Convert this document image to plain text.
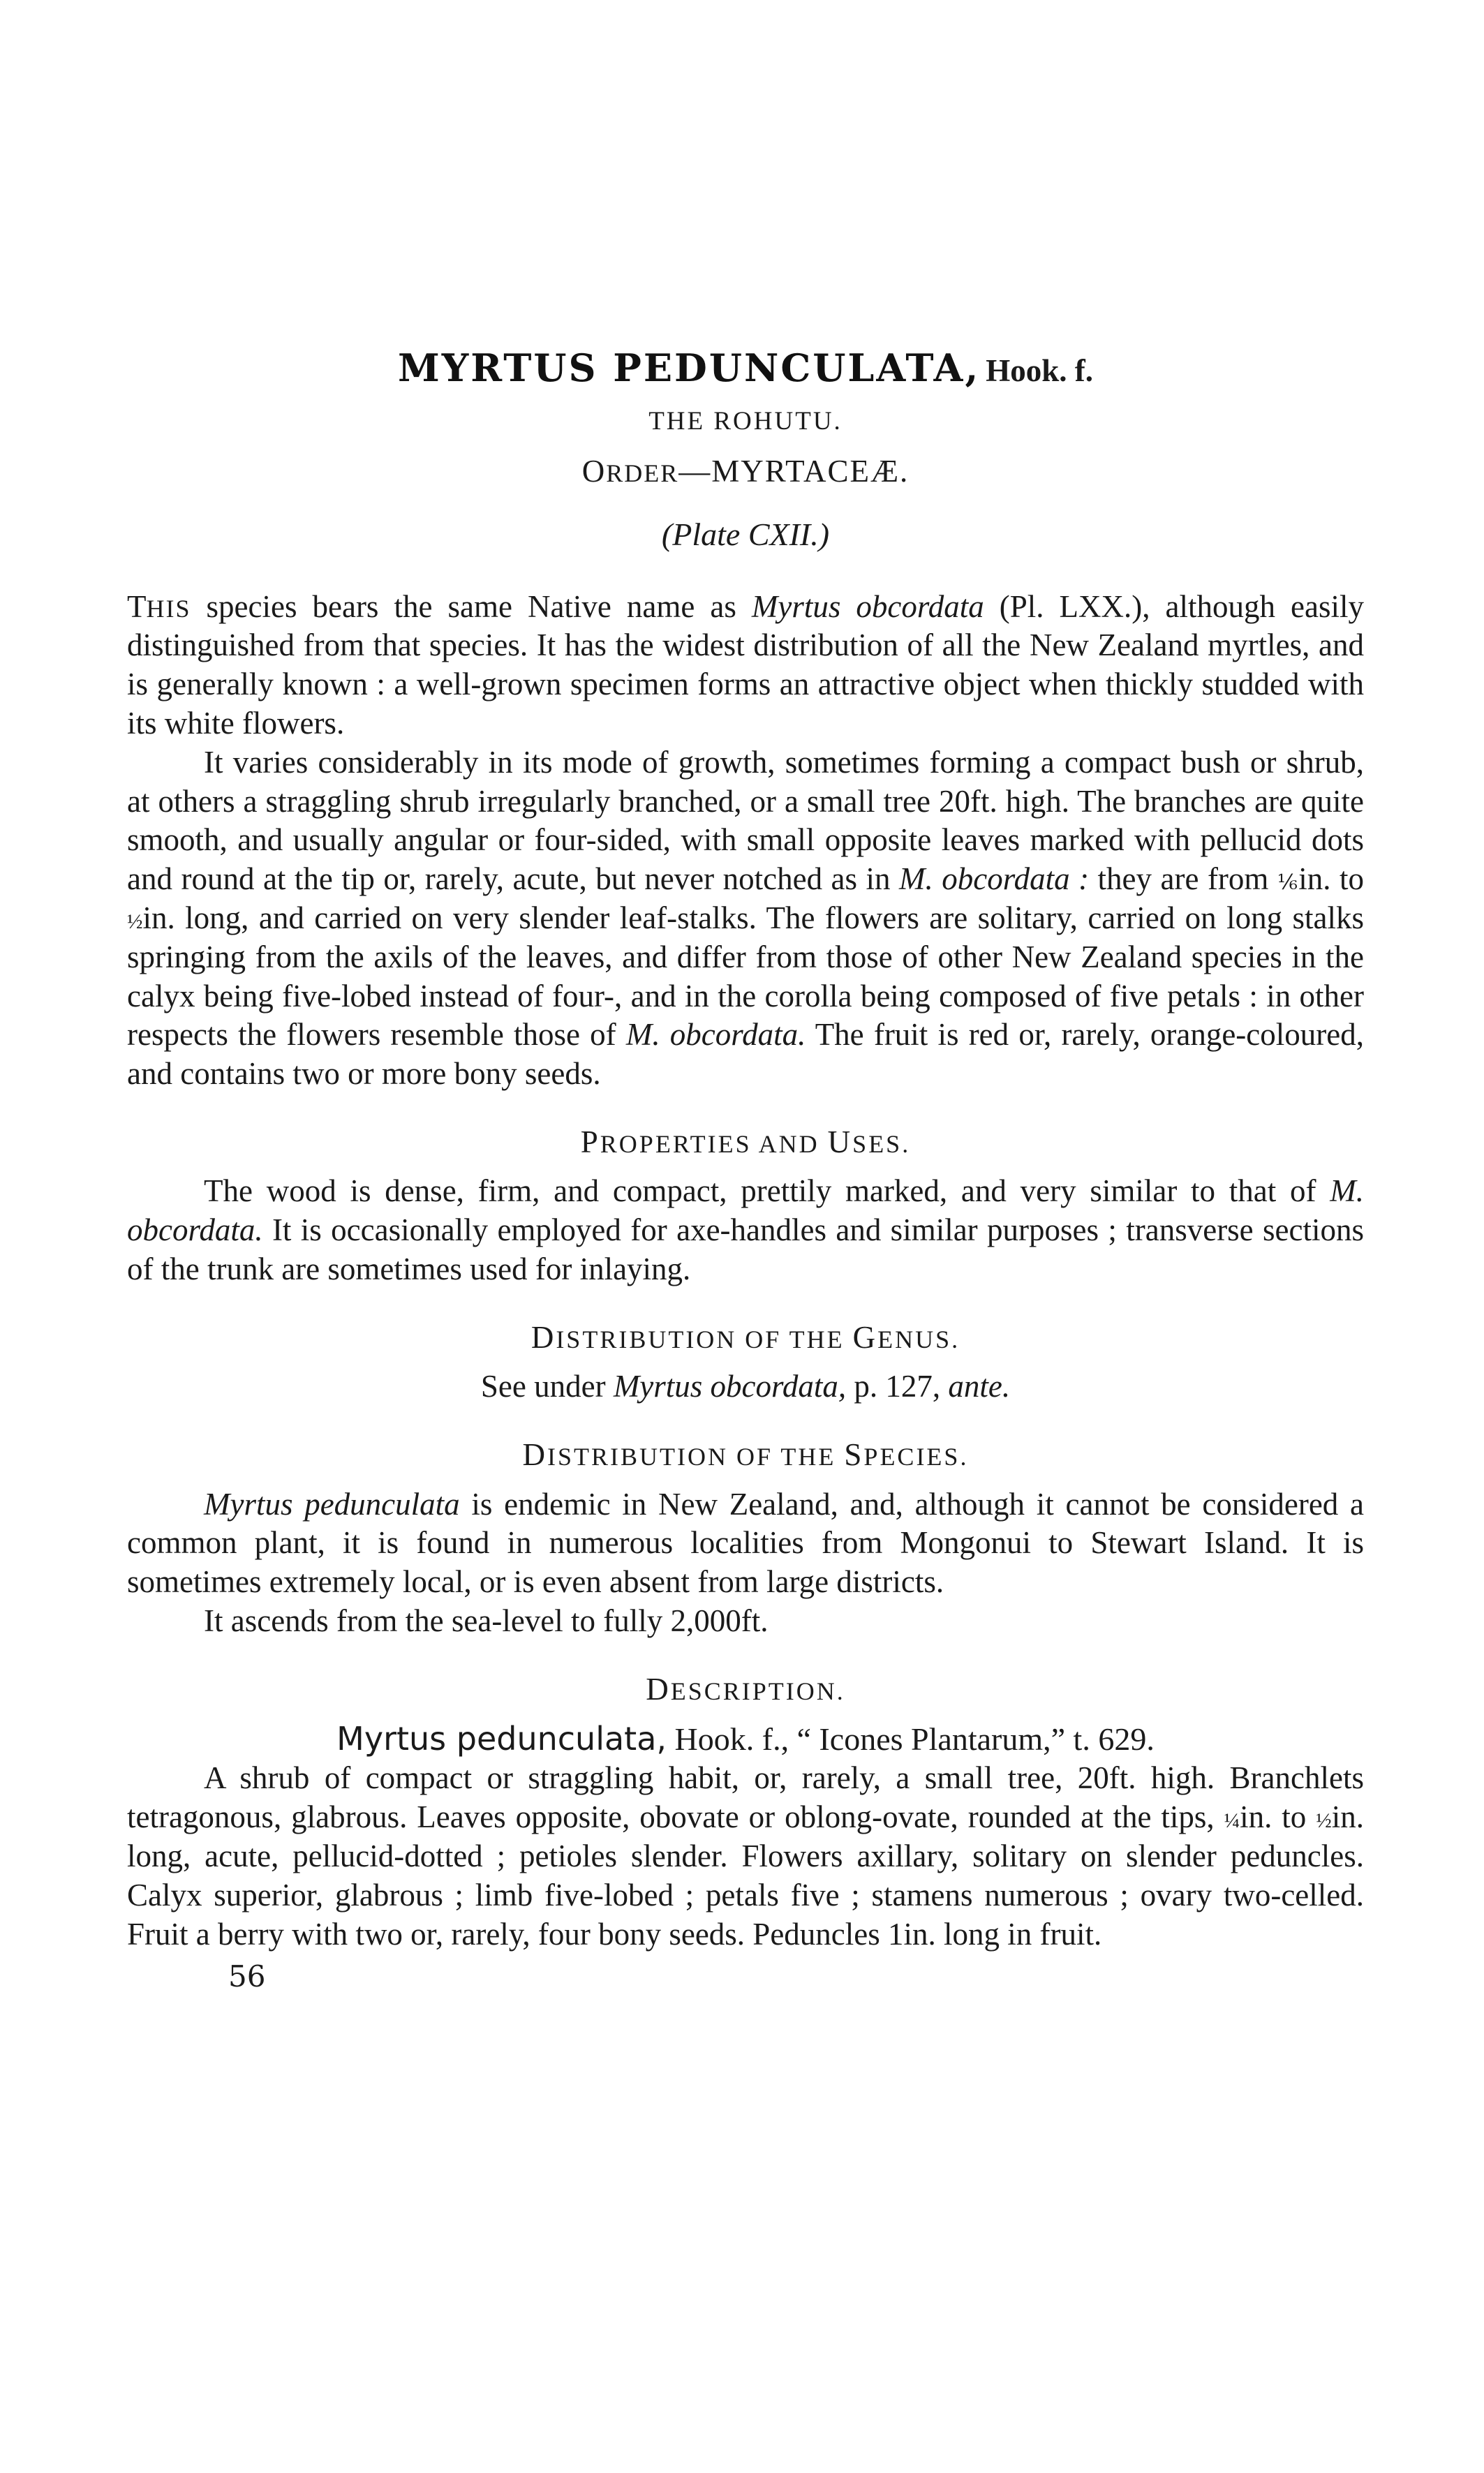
MYRTUS PEDUNCULATA, Hook. f.
THE ROHUTU.
ORDER—MYRTACEÆ.
(Plate CXII.)

THIS species bears the same Native name as Myrtus obcordata (Pl. LXX.), although easily distinguished from that species. It has the widest distribution of all the New Zealand myrtles, and is generally known : a well-grown specimen forms an attractive object when thickly studded with its white flowers.

It varies considerably in its mode of growth, sometimes forming a compact bush or shrub, at others a straggling shrub irregularly branched, or a small tree 20ft. high. The branches are quite smooth, and usually angular or four-sided, with small opposite leaves marked with pellucid dots and round at the tip or, rarely, acute, but never notched as in M. obcordata : they are from ⅙in. to ½in. long, and carried on very slender leaf-stalks. The flowers are solitary, carried on long stalks springing from the axils of the leaves, and differ from those of other New Zealand species in the calyx being five-lobed instead of four-, and in the corolla being composed of five petals : in other respects the flowers resemble those of M. obcordata. The fruit is red or, rarely, orange-coloured, and contains two or more bony seeds.

PROPERTIES AND USES.

The wood is dense, firm, and compact, prettily marked, and very similar to that of M. obcordata. It is occasionally employed for axe-handles and similar purposes ; transverse sections of the trunk are sometimes used for inlaying.

DISTRIBUTION OF THE GENUS.
See under Myrtus obcordata, p. 127, ante.
DISTRIBUTION OF THE SPECIES.

Myrtus pedunculata is endemic in New Zealand, and, although it cannot be considered a common plant, it is found in numerous localities from Mongonui to Stewart Island. It is sometimes extremely local, or is even absent from large districts.

It ascends from the sea-level to fully 2,000ft.

DESCRIPTION.
Myrtus pedunculata, Hook. f., “ Icones Plantarum,” t. 629.

A shrub of compact or straggling habit, or, rarely, a small tree, 20ft. high. Branchlets tetragonous, glabrous. Leaves opposite, obovate or oblong-ovate, rounded at the tips, ¼in. to ½in. long, acute, pellucid-dotted ; petioles slender. Flowers axillary, solitary on slender peduncles. Calyx superior, glabrous ; limb five-lobed ; petals five ; stamens numerous ; ovary two-celled. Fruit a berry with two or, rarely, four bony seeds. Peduncles 1in. long in fruit.

56
